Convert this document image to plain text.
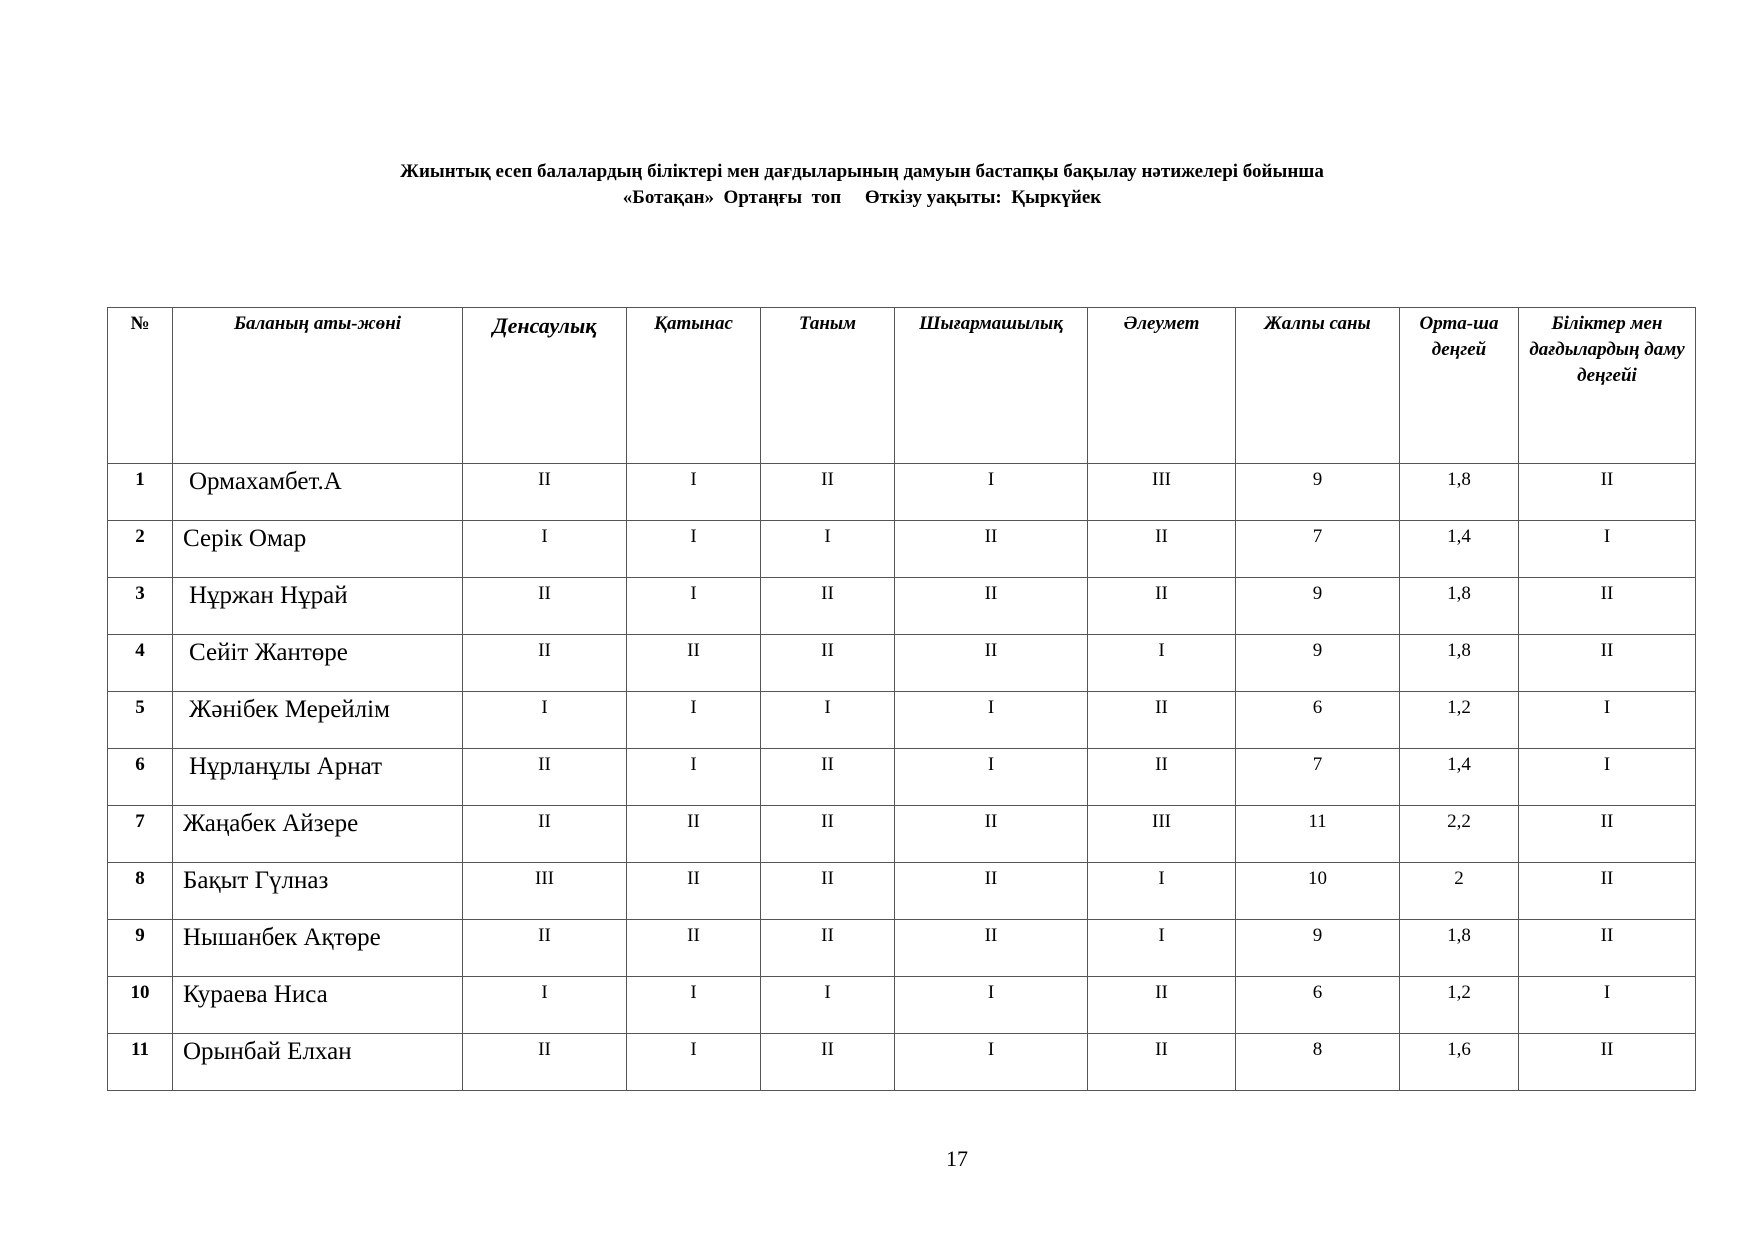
Жиынтық есеп балалардың біліктері мен дағдыларының дамуын бастапқы бақылау нәтижелері бойынша
«Ботақан»  Ортаңғы  топ     Өткізу уақыты:  Қыркүйек
№	Баланың аты-жөні	Денсаулық	Қатынас	Таным	Шығармашылық	Әлеумет	Жалпы саны	Орта-ша деңгей	Біліктер мен дағдылардың даму деңгейі
1	Ормахамбет.А	II	I	II	I	III	9	1,8	II
2	Серік Омар	I	I	I	II	II	7	1,4	I
3	Нұржан Нұрай	II	I	II	II	II	9	1,8	II
4	Сейіт Жантөре	II	II	II	II	I	9	1,8	II
5	Жәнібек Мерейлім	I	I	I	I	II	6	1,2	I
6	Нұрланұлы Арнат	II	I	II	I	II	7	1,4	I
7	Жаңабек Айзере	II	II	II	II	III	11	2,2	II
8	Бақыт Гүлназ	III	II	II	II	I	10	2	II
9	Нышанбек Ақтөре	II	II	II	II	I	9	1,8	II
10	Кураева Ниса	I	I	I	I	II	6	1,2	I
11	Орынбай Елхан	II	I	II	I	II	8	1,6	II
17
